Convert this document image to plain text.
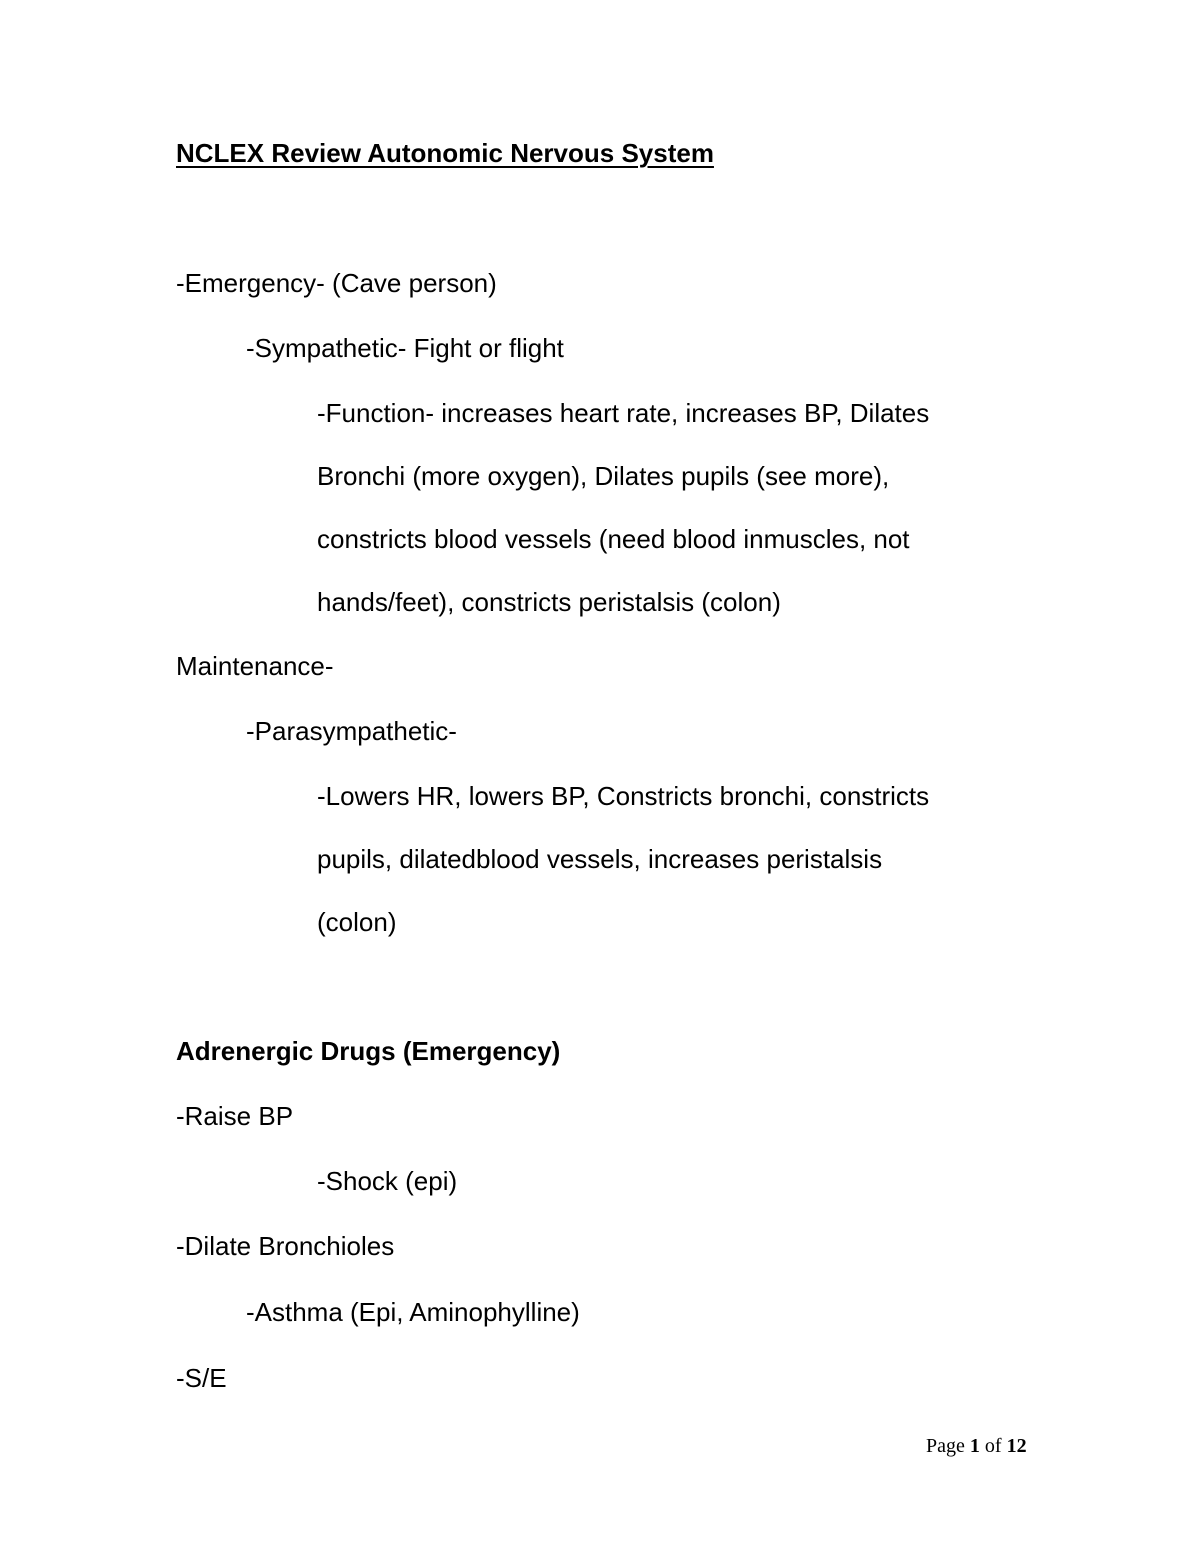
NCLEX Review Autonomic Nervous System

-Emergency- (Cave person)

-Sympathetic- Fight or flight

-Function- increases heart rate, increases BP, Dilates

Bronchi (more oxygen), Dilates pupils (see more),

constricts blood vessels (need blood inmuscles, not

hands/feet), constricts peristalsis (colon)

Maintenance-

-Parasympathetic-

-Lowers HR, lowers BP, Constricts bronchi, constricts

pupils, dilatedblood vessels, increases peristalsis

(colon)

Adrenergic Drugs (Emergency)

-Raise BP

-Shock (epi)

-Dilate Bronchioles

-Asthma (Epi, Aminophylline)

-S/E

Page 1 of 12
